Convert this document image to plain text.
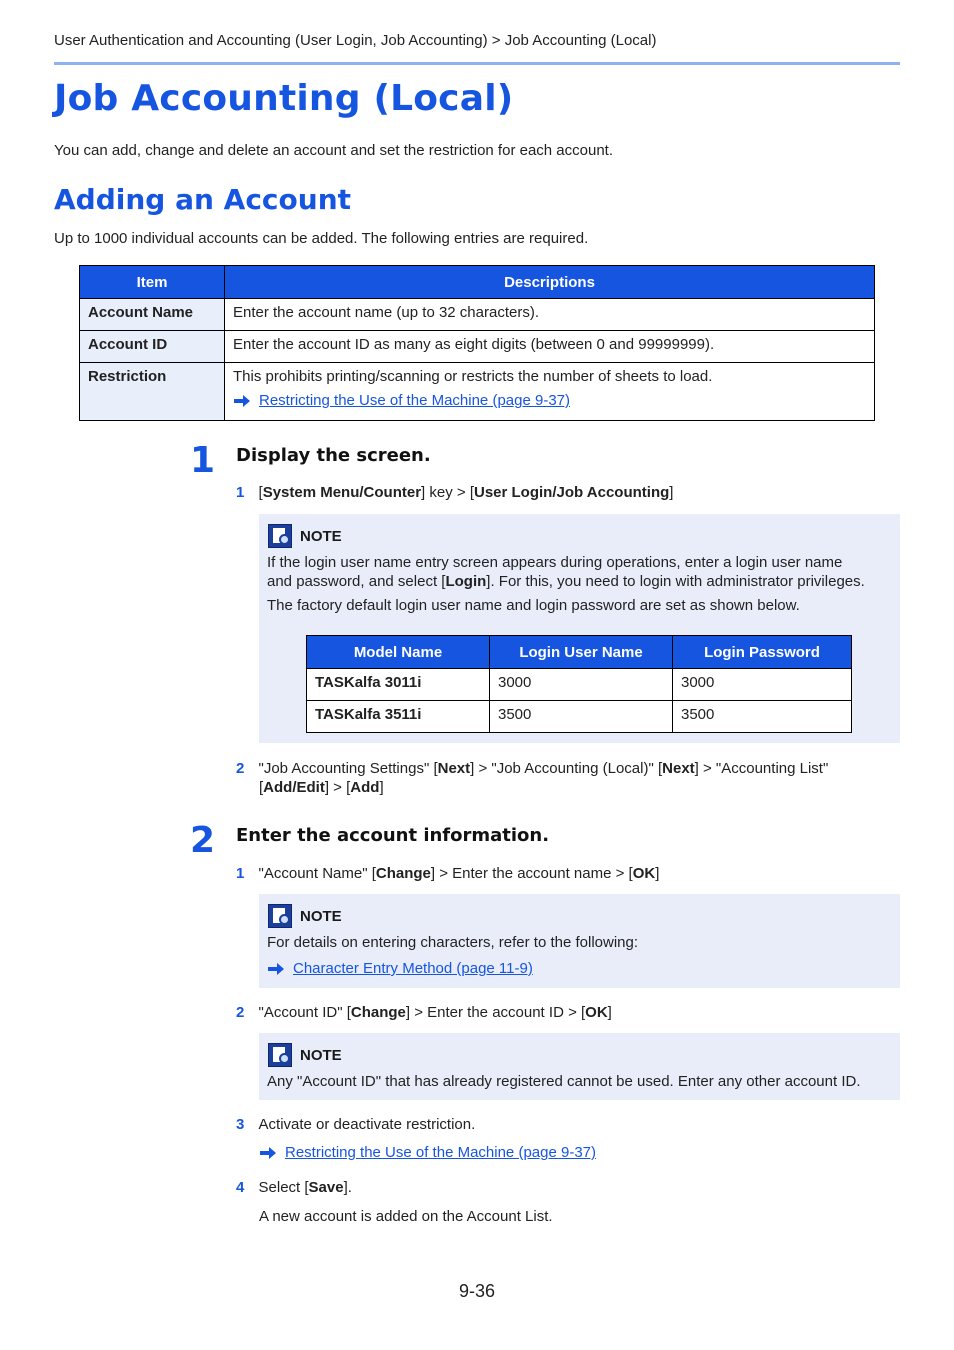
User Authentication and Accounting (User Login, Job Accounting) > Job Accounting (Local)
Job Accounting (Local)
You can add, change and delete an account and set the restriction for each account.
Adding an Account
Up to 1000 individual accounts can be added. The following entries are required.
Item	Descriptions
Account Name	Enter the account name (up to 32 characters).
Account ID	Enter the account ID as many as eight digits (between 0 and 99999999).
Restriction	This prohibits printing/scanning or restricts the number of sheets to load.
Restricting the Use of the Machine (page 9-37)
1 Display the screen.
1 [System Menu/Counter] key > [User Login/Job Accounting]
NOTE
If the login user name entry screen appears during operations, enter a login user name
and password, and select [Login]. For this, you need to login with administrator privileges.
The factory default login user name and login password are set as shown below.
Model Name	Login User Name	Login Password
TASKalfa 3011i	3000	3000
TASKalfa 3511i	3500	3500
2 "Job Accounting Settings" [Next] > "Job Accounting (Local)" [Next] > "Accounting List"
[Add/Edit] > [Add]
2 Enter the account information.
1 "Account Name" [Change] > Enter the account name > [OK]
NOTE
For details on entering characters, refer to the following:
Character Entry Method (page 11-9)
2 "Account ID" [Change] > Enter the account ID > [OK]
NOTE
Any "Account ID" that has already registered cannot be used. Enter any other account ID.
3 Activate or deactivate restriction.
Restricting the Use of the Machine (page 9-37)
4 Select [Save].
A new account is added on the Account List.
9-36
